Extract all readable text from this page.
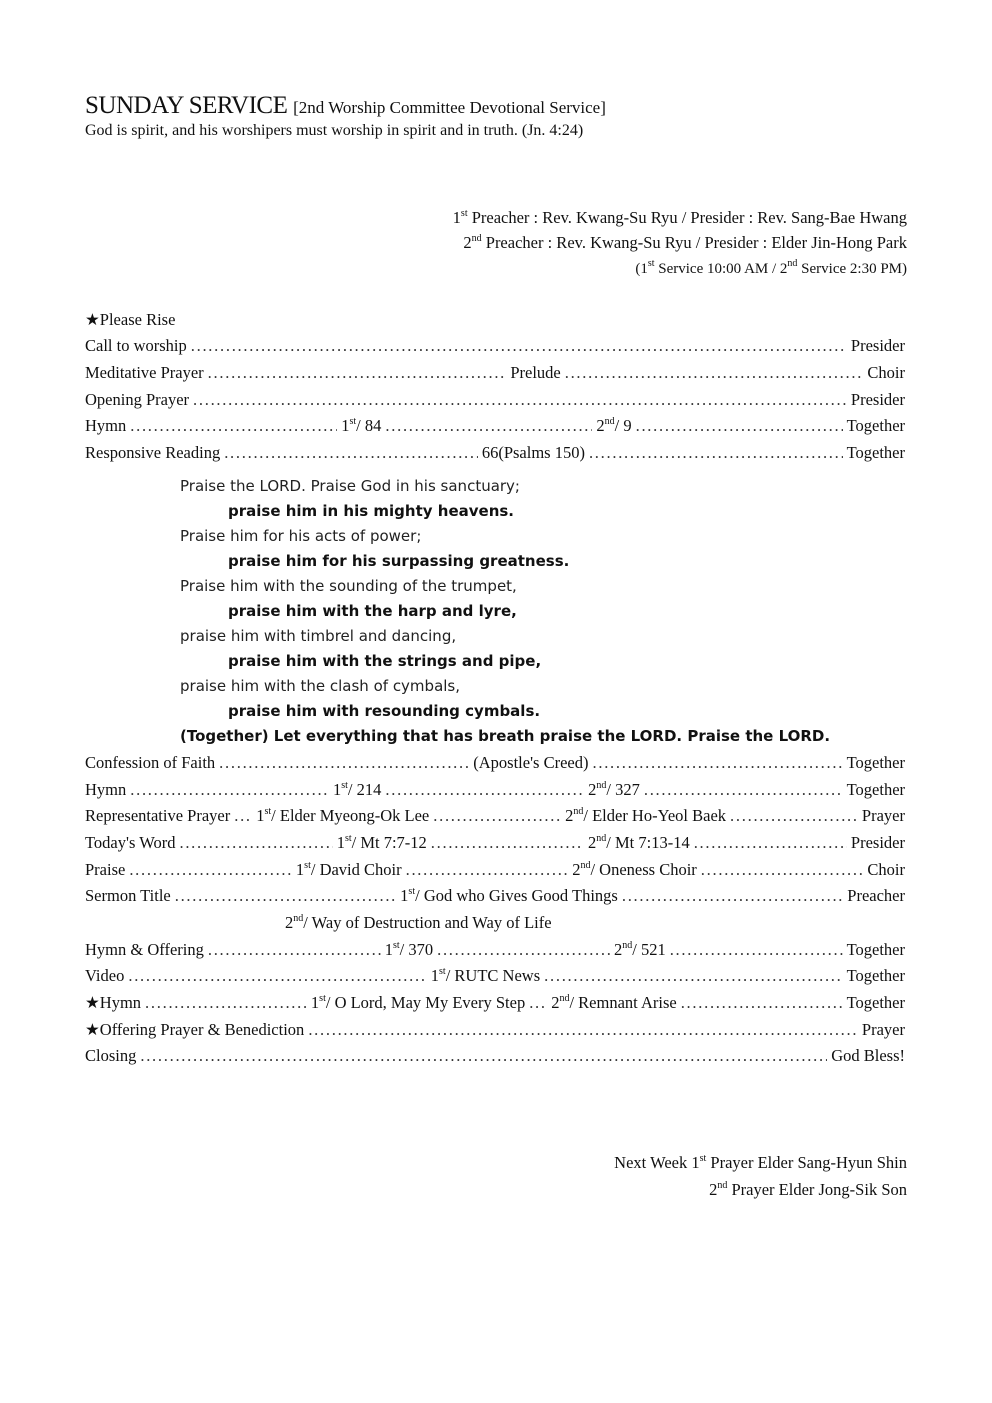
SUNDAY SERVICE [2nd Worship Committee Devotional Service]
God is spirit, and his worshipers must worship in spirit and in truth. (Jn. 4:24)
1st Preacher : Rev. Kwang-Su Ryu / Presider : Rev. Sang-Bae Hwang
2nd Preacher : Rev. Kwang-Su Ryu / Presider : Elder Jin-Hong Park
(1st Service 10:00 AM / 2nd Service 2:30 PM)
★Please Rise
Call to worship . . .	Presider
Meditative Prayer . . .	Prelude . . .	Choir
Opening Prayer . . .	Presider
Hymn . . .	1st/ 84 . . .	2nd/ 9 . . .	Together
Responsive Reading . . .	66(Psalms 150) . . .	Together
Praise the LORD. Praise God in his sanctuary;
praise him in his mighty heavens.
Praise him for his acts of power;
praise him for his surpassing greatness.
Praise him with the sounding of the trumpet,
praise him with the harp and lyre,
praise him with timbrel and dancing,
praise him with the strings and pipe,
praise him with the clash of cymbals,
praise him with resounding cymbals.
(Together) Let everything that has breath praise the LORD. Praise the LORD.
Confession of Faith . . .	(Apostle's Creed) . . .	Together
Hymn . . .	1st/ 214 . . .	2nd/ 327 . . .	Together
Representative Prayer . . . 1st/ Elder Myeong-Ok Lee . . .	2nd/ Elder Ho-Yeol Baek . . .	Prayer
Today's Word . . .	1st/ Mt 7:7-12 . . .	2nd/ Mt 7:13-14 . . .	Presider
Praise . . .	1st/ David Choir . . .	2nd/ Oneness Choir . . .	Choir
Sermon Title . . .	1st/ God who Gives Good Things . . .	Preacher
2nd/ Way of Destruction and Way of Life
Hymn & Offering . . .	1st/ 370 . . .	2nd/ 521 . . .	Together
Video . . .	1st/ RUTC News . . .	Together
★Hymn . . .	1st/ O Lord, May My Every Step . . . 2nd/ Remnant Arise . . .	Together
★Offering Prayer & Benediction . . .	Prayer
Closing . . .	God Bless!
Next Week 1st Prayer Elder Sang-Hyun Shin
2nd Prayer Elder Jong-Sik Son
